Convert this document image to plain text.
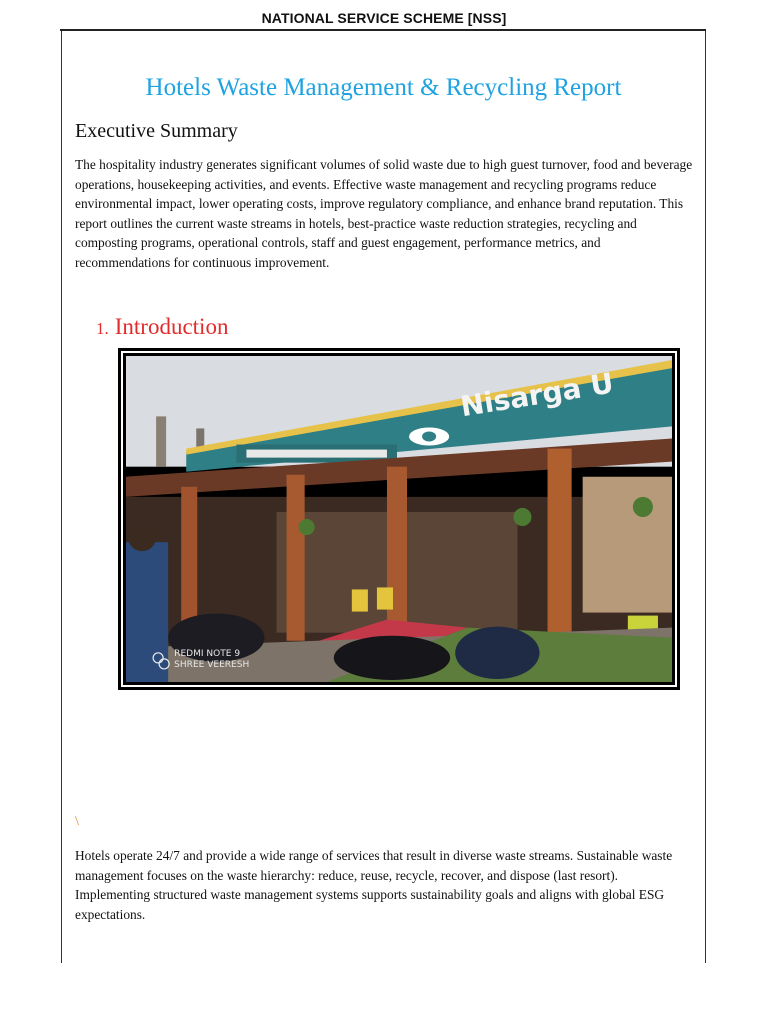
NATIONAL SERVICE SCHEME [NSS]
Hotels Waste Management & Recycling Report
Executive Summary

The hospitality industry generates significant volumes of solid waste due to high guest turnover, food and beverage operations, housekeeping activities, and events. Effective waste management and recycling programs reduce environmental impact, lower operating costs, improve regulatory compliance, and enhance brand reputation. This report outlines the current waste streams in hotels, best-practice waste reduction strategies, recycling and composting programs, operational controls, staff and guest engagement, performance metrics, and recommendations for continuous improvement.

1. Introduction
Nisarga U
REDMI NOTE 9
SHREE VEERESH
\

Hotels operate 24/7 and provide a wide range of services that result in diverse waste streams. Sustainable waste management focuses on the waste hierarchy: reduce, reuse, recycle, recover, and dispose (last resort). Implementing structured waste management systems supports sustainability goals and aligns with global ESG expectations.
